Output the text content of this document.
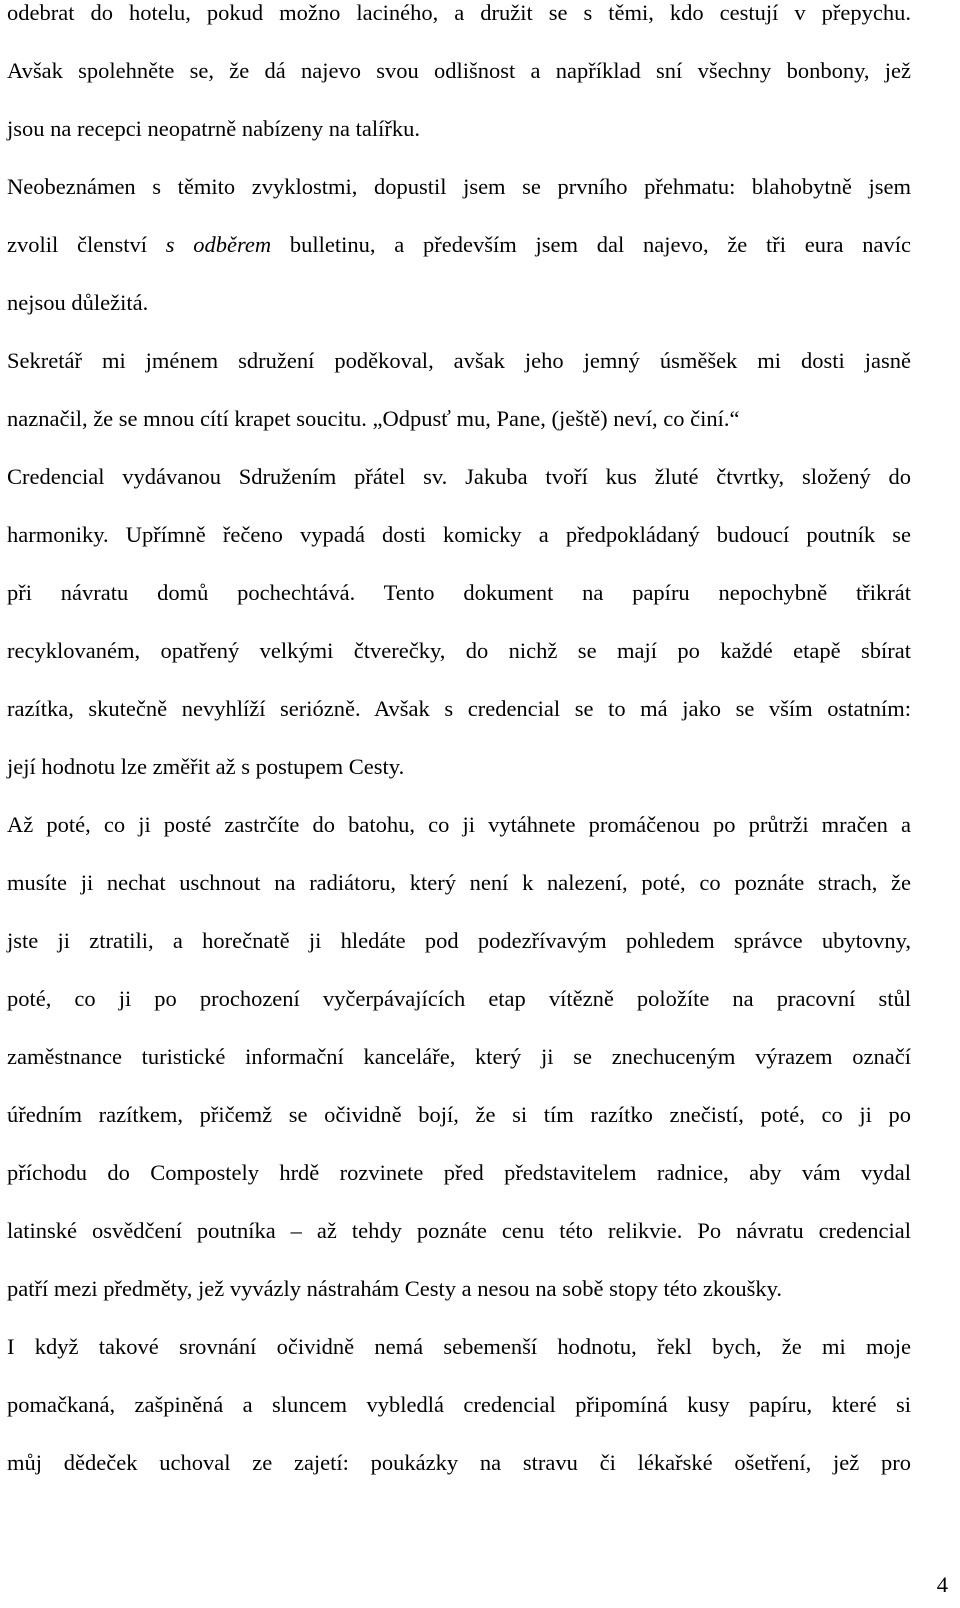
odebrat do hotelu, pokud možno laciného, a družit se s těmi, kdo cestují v přepychu.
Avšak spolehněte se, že dá najevo svou odlišnost a například sní všechny bonbony, jež
jsou na recepci neopatrně nabízeny na talířku.
Neobeznámen s těmito zvyklostmi, dopustil jsem se prvního přehmatu: blahobytně jsem
zvolil členství s odběrem bulletinu, a především jsem dal najevo, že tři eura navíc
nejsou důležitá.
Sekretář mi jménem sdružení poděkoval, avšak jeho jemný úsměšek mi dosti jasně
naznačil, že se mnou cítí krapet soucitu. „Odpusť mu, Pane, (ještě) neví, co činí.“
Credencial vydávanou Sdružením přátel sv. Jakuba tvoří kus žluté čtvrtky, složený do
harmoniky. Upřímně řečeno vypadá dosti komicky a předpokládaný budoucí poutník se
při návratu domů pochechtává. Tento dokument na papíru nepochybně třikrát
recyklovaném, opatřený velkými čtverečky, do nichž se mají po každé etapě sbírat
razítka, skutečně nevyhlíží seriózně. Avšak s credencial se to má jako se vším ostatním:
její hodnotu lze změřit až s postupem Cesty.
Až poté, co ji posté zastrčíte do batohu, co ji vytáhnete promáčenou po průtrži mračen a
musíte ji nechat uschnout na radiátoru, který není k nalezení, poté, co poznáte strach, že
jste ji ztratili, a horečnatě ji hledáte pod podezřívavým pohledem správce ubytovny,
poté, co ji po prochození vyčerpávajících etap vítězně položíte na pracovní stůl
zaměstnance turistické informační kanceláře, který ji se znechuceným výrazem označí
úředním razítkem, přičemž se očividně bojí, že si tím razítko znečistí, poté, co ji po
příchodu do Compostely hrdě rozvinete před představitelem radnice, aby vám vydal
latinské osvědčení poutníka – až tehdy poznáte cenu této relikvie. Po návratu credencial
patří mezi předměty, jež vyvázly nástrahám Cesty a nesou na sobě stopy této zkoušky.
I když takové srovnání očividně nemá sebemenší hodnotu, řekl bych, že mi moje
pomačkaná, zašpiněná a sluncem vybledlá credencial připomíná kusy papíru, které si
můj dědeček uchoval ze zajetí: poukázky na stravu či lékařské ošetření, jež pro
4
